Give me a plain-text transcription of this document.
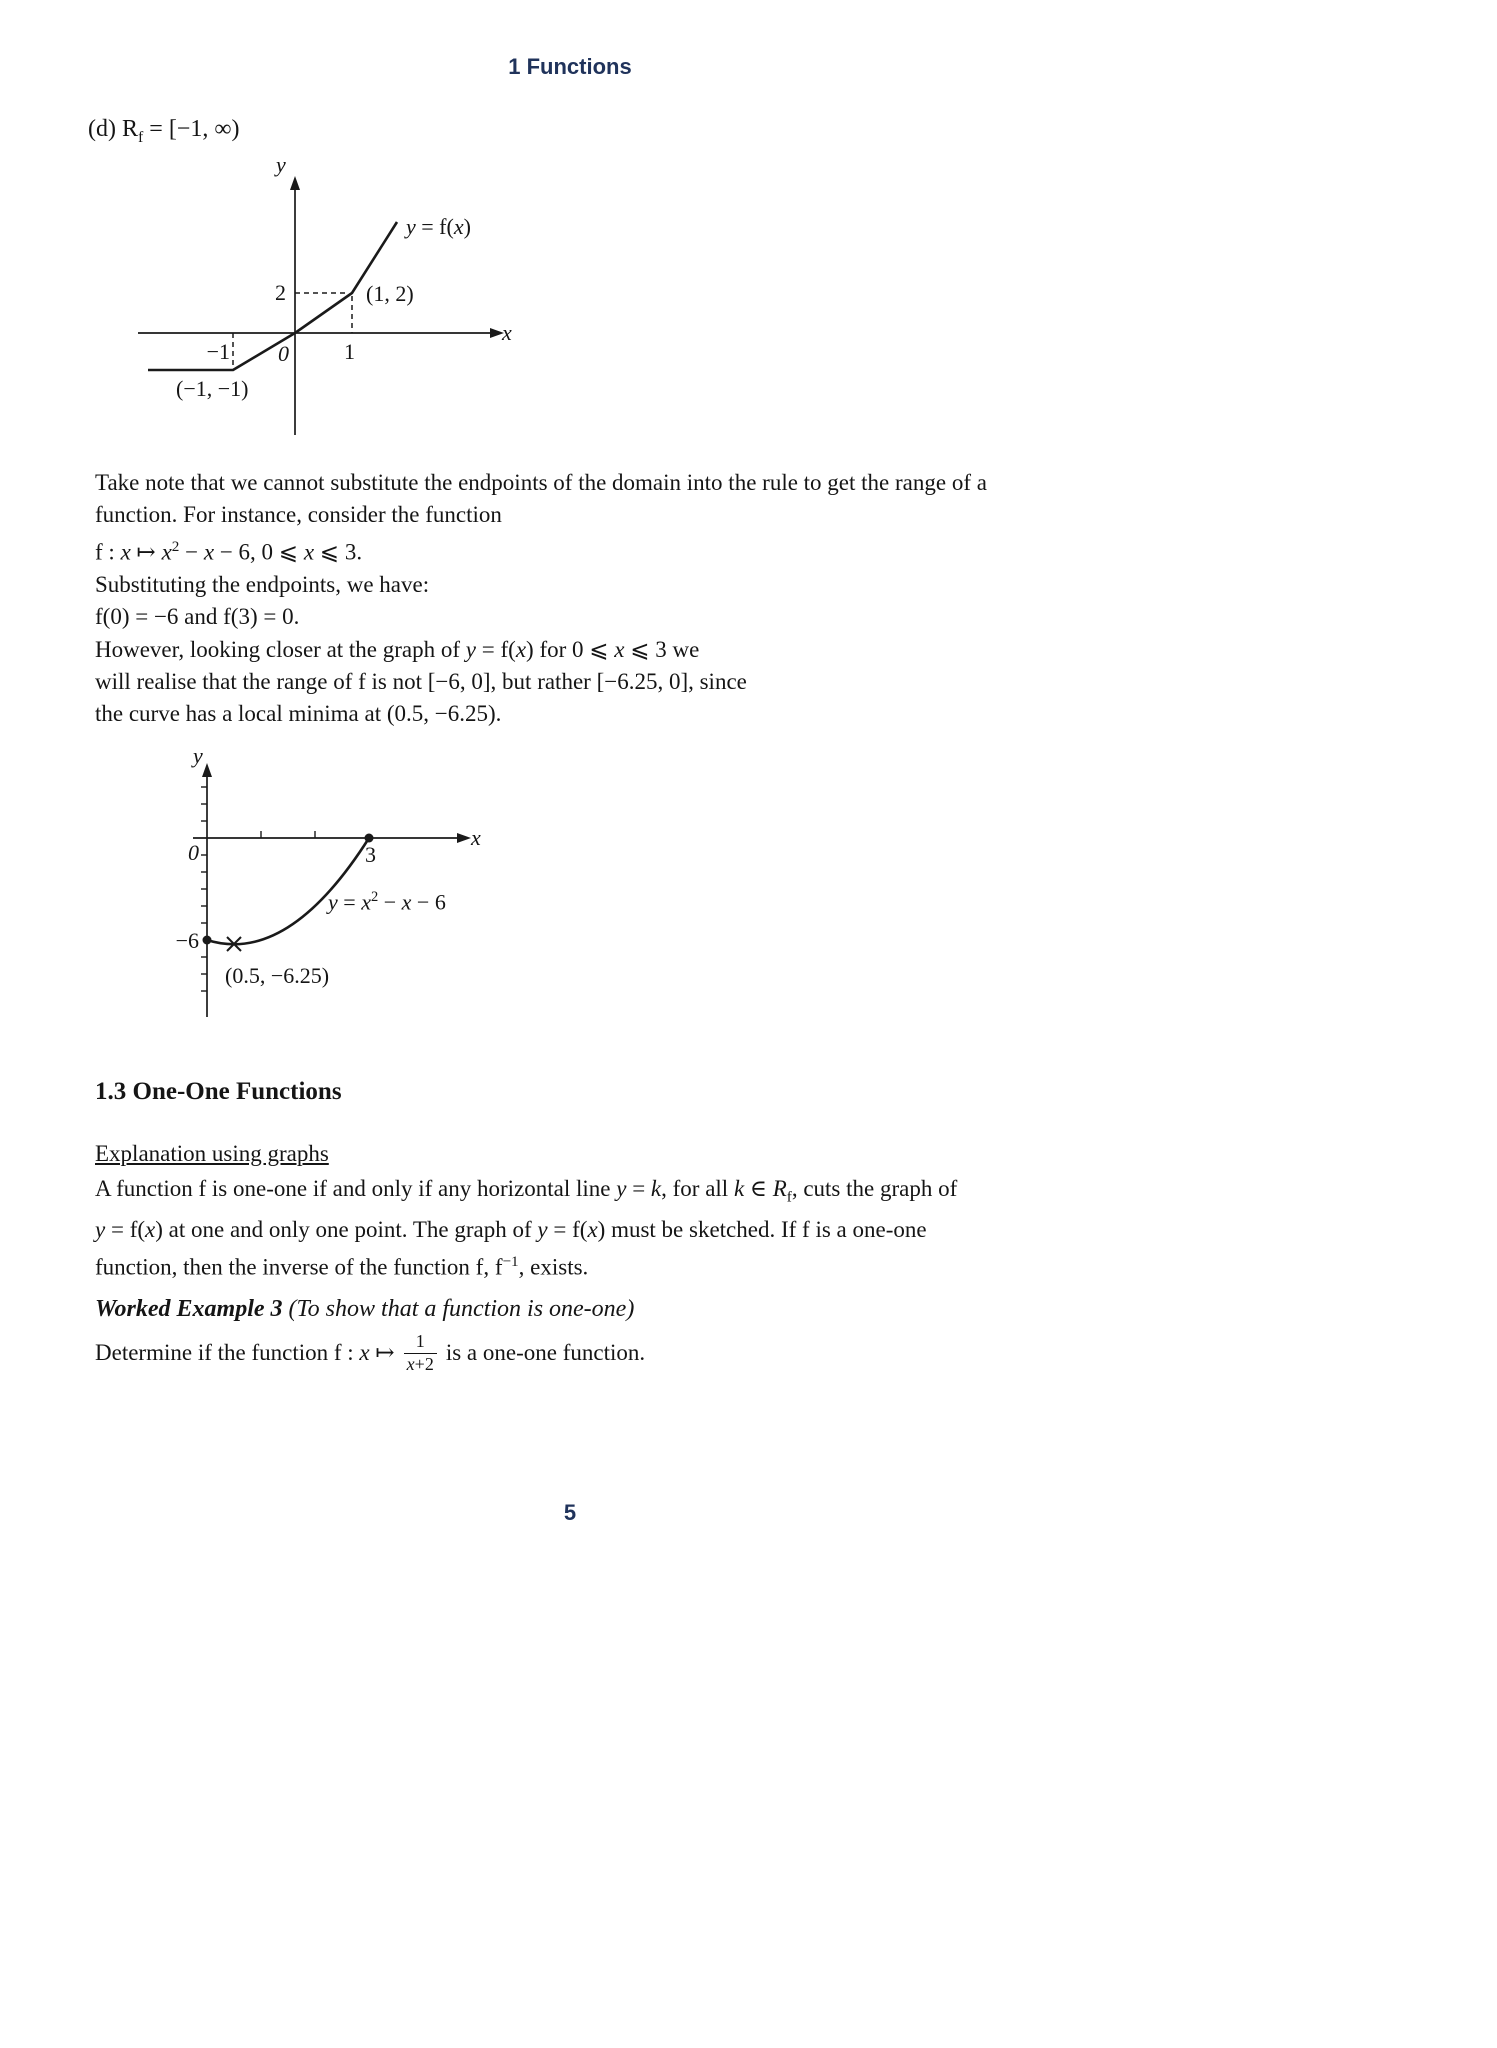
1 Functions
(d) $R_f = [-1$, ∞)
y
x
2	(1, 2)
−1 0	1
(−1, −1)
y = f(x)
Take note that we cannot substitute the endpoints of the domain into the rule to get the range of a
function. For instance, consider the function
f : x ↦ $x^2 - x - 6$, 0 ⩽ x ⩽ 3.
Substituting the endpoints, we have:
f(0) = −6 and f(3) = 0.
However, looking closer at the graph of y = f(x) for 0 ⩽ x ⩽ 3 we
will realise that the range of f is not [−6, 0], but rather [−6.25, 0], since
the curve has a local minima at (0.5, −6.25).
y
x
0	3
−6
$y = x^2 - x - 6$
(0.5, −6.25)
1.3 One-One Functions
Explanation using graphs
A function f is one-one if and only if any horizontal line y = k, for all k ∈ $R_f$, cuts the graph of
y = f(x) at one and only one point. The graph of y = f(x) must be sketched. If f is a one-one
function, then the inverse of the function f, $f^{-1}$, exists.
Worked Example 3 (To show that a function is one-one)
Determine if the function f : x ↦ $\frac{1}{x+2}$ is a one-one function.
5
